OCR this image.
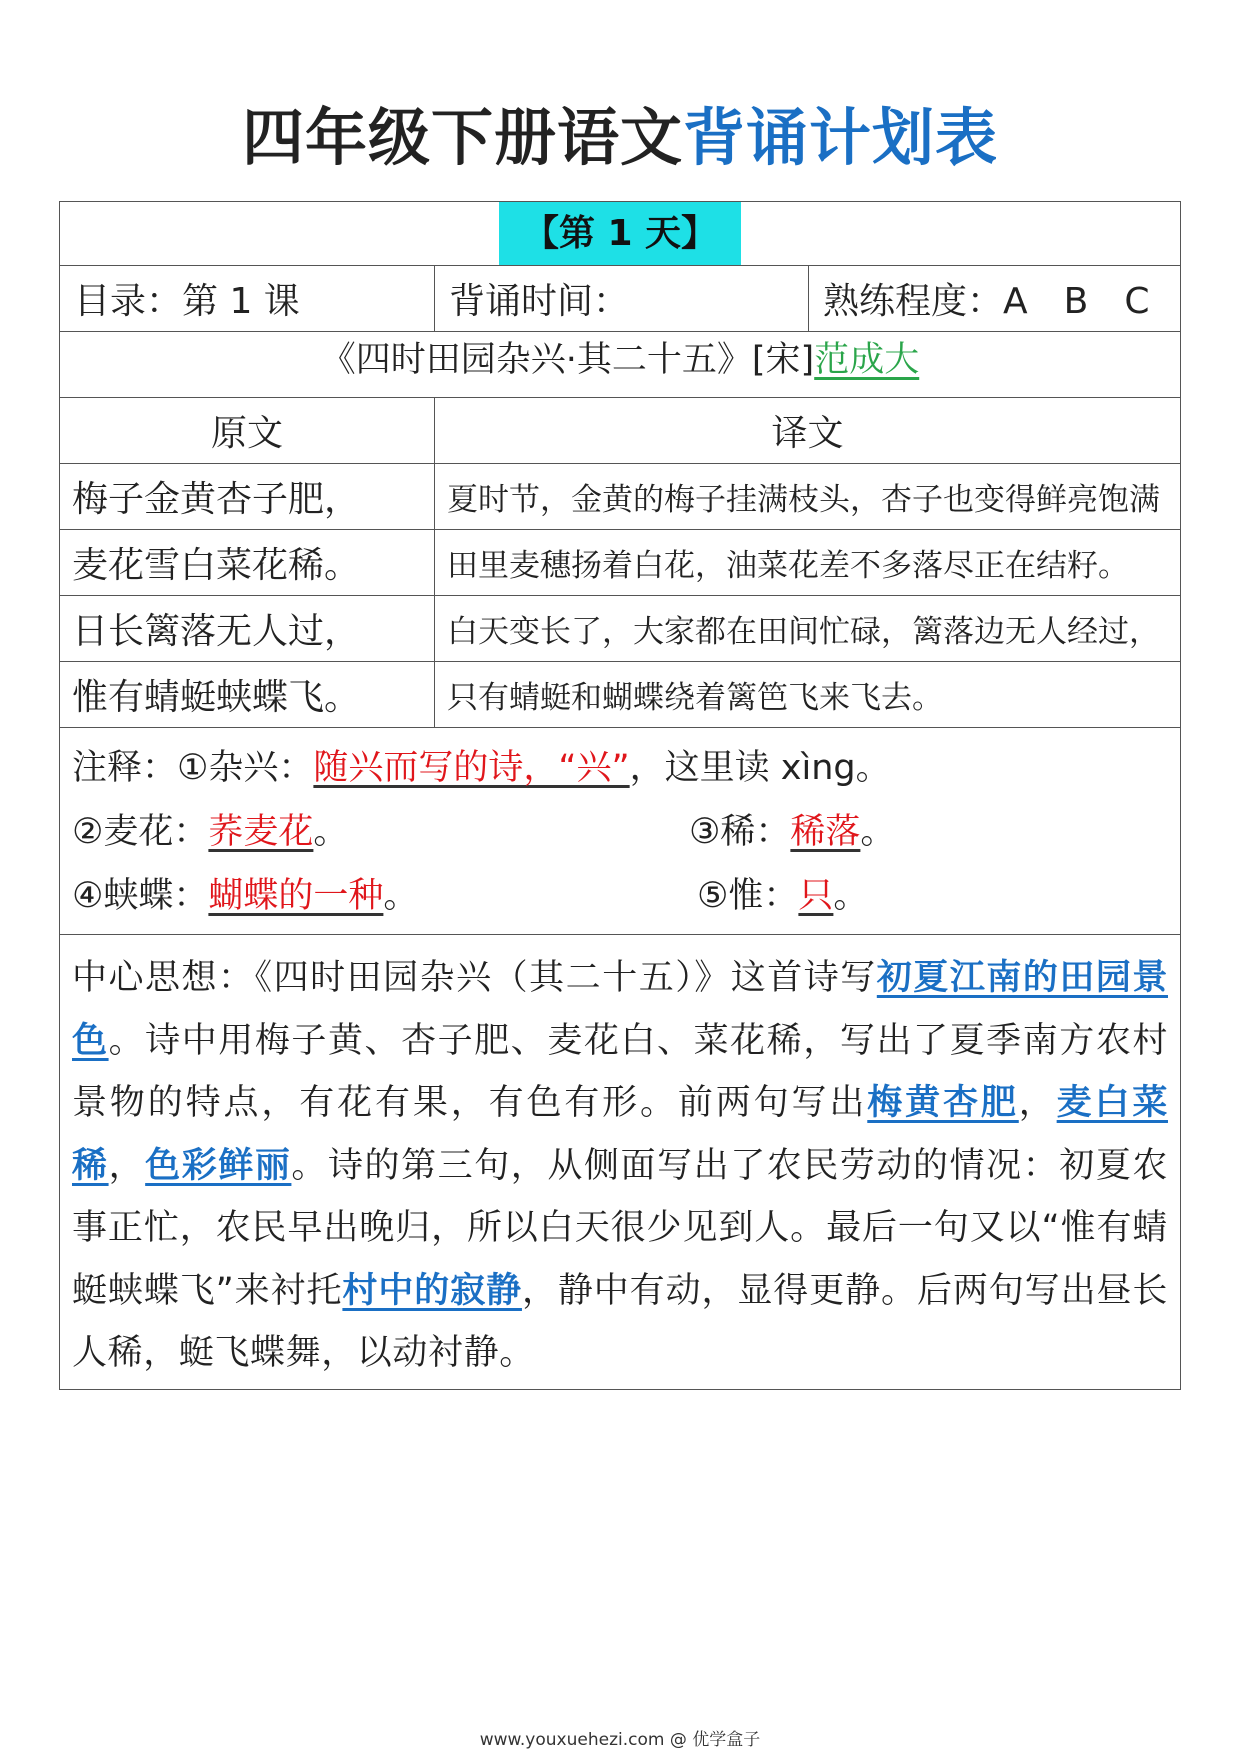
四年级下册语文背诵计划表
【第 1 天】
目录：第 1 课	背诵时间：	熟练程度：A　B　C
《四时田园杂兴·其二十五》[宋] 范成大
原文	译文
梅子金黄杏子肥，	夏时节，金黄的梅子挂满枝头，杏子也变得鲜亮饱满
麦花雪白菜花稀。	田里麦穗扬着白花，油菜花差不多落尽正在结籽。
日长篱落无人过，	白天变长了，大家都在田间忙碌，篱落边无人经过，
惟有蜻蜓蛱蝶飞。	只有蜻蜓和蝴蝶绕着篱笆飞来飞去。
注释：①杂兴：随兴而写的诗，“兴”，这里读 xìng。
②麦花：荞麦花。	③稀：稀落。
④蛱蝶：蝴蝶的一种。	⑤惟：只。
中心思想：《四时田园杂兴（其二十五）》这首诗写初夏江南的田园景色。诗中用梅子黄、杏子肥、麦花白、菜花稀，写出了夏季南方农村景物的特点，有花有果，有色有形。前两句写出梅黄杏肥，麦白菜稀，色彩鲜丽。诗的第三句，从侧面写出了农民劳动的情况：初夏农事正忙，农民早出晚归，所以白天很少见到人。最后一句又以“惟有蜻蜓蛱蝶飞”来衬托村中的寂静，静中有动，显得更静。后两句写出昼长人稀，蜓飞蝶舞，以动衬静。
www.youxuehezi.com @ 优学盒子
